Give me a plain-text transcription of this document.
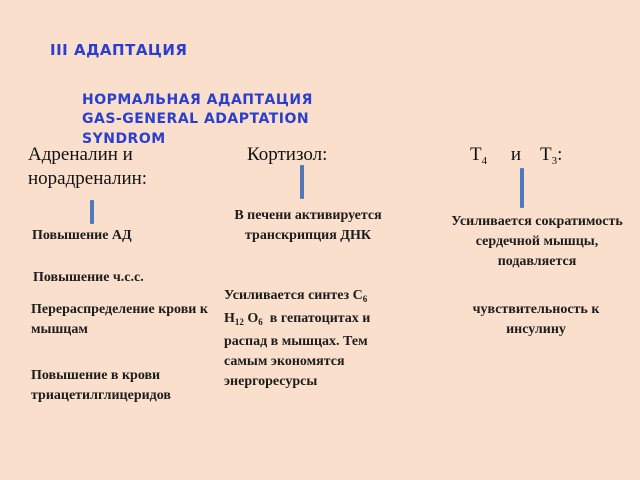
III АДАПТАЦИЯ
НОРМАЛЬНАЯ АДАПТАЦИЯ
GAS-GENERAL ADAPTATION
SYNDROM
Адреналин и норадреналин:
Кортизол:	$T_4$ и $T_3$:
Повышение АД
Повышение ч.с.с.
Перераспределение крови к мышцам
Повышение в крови триацетилглицеридов
В печени активируется транскрипция ДНК
Усиливается синтез $C_6$
$H_{12}$ $O_6$ в гепатоцитах и распад в мышцах. Тем самым экономятся энергоресурсы
Усиливается сократимость сердечной мышцы, подавляется
чувствительность к инсулину
